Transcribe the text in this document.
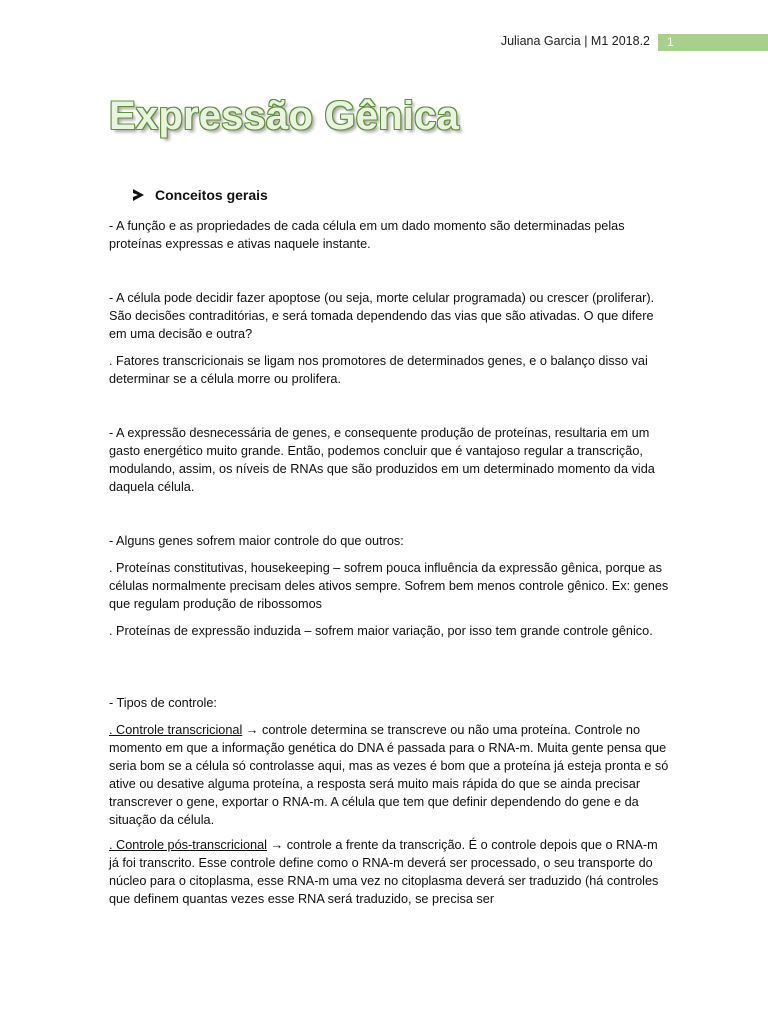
Juliana Garcia | M1 2018.2	1
Expressão Gênica
Conceitos gerais

- A função e as propriedades de cada célula em um dado momento são determinadas pelas proteínas expressas e ativas naquele instante.

- A célula pode decidir fazer apoptose (ou seja, morte celular programada) ou crescer (proliferar). São decisões contraditórias, e será tomada dependendo das vias que são ativadas. O que difere em uma decisão e outra?

. Fatores transcricionais se ligam nos promotores de determinados genes, e o balanço disso vai determinar se a célula morre ou prolifera.

- A expressão desnecessária de genes, e consequente produção de proteínas, resultaria em um gasto energético muito grande. Então, podemos concluir que é vantajoso regular a transcrição, modulando, assim, os níveis de RNAs que são produzidos em um determinado momento da vida daquela célula.

- Alguns genes sofrem maior controle do que outros:

. Proteínas constitutivas, housekeeping – sofrem pouca influência da expressão gênica, porque as células normalmente precisam deles ativos sempre. Sofrem bem menos controle gênico. Ex: genes que regulam produção de ribossomos

. Proteínas de expressão induzida – sofrem maior variação, por isso tem grande controle gênico.

- Tipos de controle:

. Controle transcricional → controle determina se transcreve ou não uma proteína. Controle no momento em que a informação genética do DNA é passada para o RNA-m. Muita gente pensa que seria bom se a célula só controlasse aqui, mas as vezes é bom que a proteína já esteja pronta e só ative ou desative alguma proteína, a resposta será muito mais rápida do que se ainda precisar transcrever o gene, exportar o RNA-m. A célula que tem que definir dependendo do gene e da situação da célula.

. Controle pós-transcricional → controle a frente da transcrição. É o controle depois que o RNA-m já foi transcrito. Esse controle define como o RNA-m deverá ser processado, o seu transporte do núcleo para o citoplasma, esse RNA-m uma vez no citoplasma deverá ser traduzido (há controles que definem quantas vezes esse RNA será traduzido, se precisa ser
